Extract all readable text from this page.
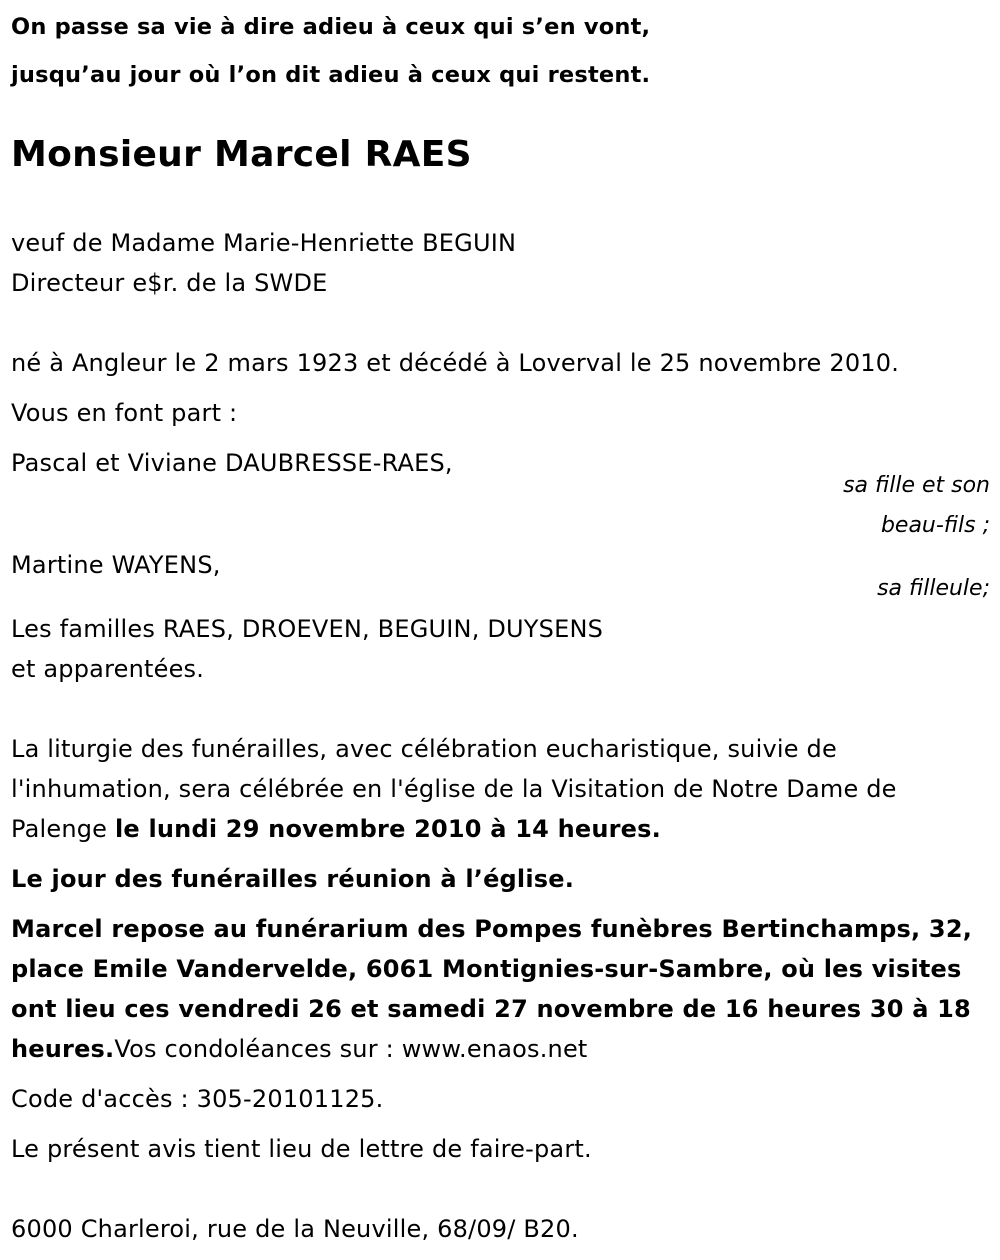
On passe sa vie à dire adieu à ceux qui s’en vont,
jusqu’au jour où l’on dit adieu à ceux qui restent.
Monsieur Marcel RAES
veuf de Madame Marie-Henriette BEGUIN
Directeur e$r. de la SWDE
né à Angleur le 2 mars 1923 et décédé à Loverval le 25 novembre 2010.
Vous en font part :
Pascal et Viviane DAUBRESSE-RAES,
sa fille et son
beau-fils ;
Martine WAYENS,
sa filleule;
Les familles RAES, DROEVEN, BEGUIN, DUYSENS
et apparentées.
La liturgie des funérailles, avec célébration eucharistique, suivie de
l'inhumation, sera célébrée en l'église de la Visitation de Notre Dame de
Palenge le lundi 29 novembre 2010 à 14 heures.
Le jour des funérailles réunion à l’église.
Marcel repose au funérarium des Pompes funèbres Bertinchamps, 32,
place Emile Vandervelde, 6061 Montignies-sur-Sambre, où les visites
ont lieu ces vendredi 26 et samedi 27 novembre de 16 heures 30 à 18
heures.Vos condoléances sur : www.enaos.net
Code d'accès : 305-20101125.
Le présent avis tient lieu de lettre de faire-part.
6000 Charleroi, rue de la Neuville, 68/09/ B20.
